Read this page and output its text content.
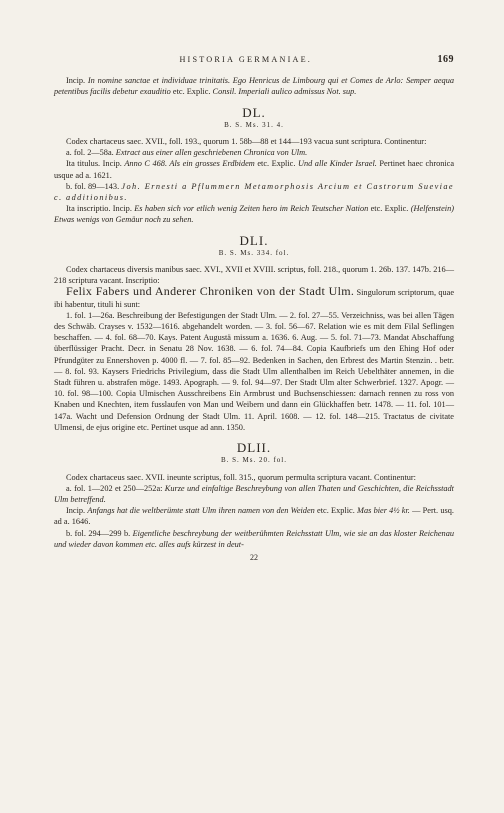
HISTORIA GERMANIAE.	169

Incip. In nomine sanctae et individuae trinitatis. Ego Henricus de Limbourg qui et Comes de Arlo: Semper aequa petentibus facilis debetur exauditio etc. Explic. Consil. Imperiali aulico admissus Not. sup.

DL.
B. S. Ms. 31. 4.

Codex chartaceus saec. XVII., foll. 193., quorum 1. 58b—88 et 144—193 vacua sunt scriptura. Continentur:

a. fol. 2—58a. Extract aus einer allen geschriebenen Chronica von Ulm.

Ita titulus. Incip. Anno C 468. Als ein grosses Erdbidem etc. Explic. Und alle Kinder Israel. Pertinet haec chronica usque ad a. 1621.

b. fol. 89—143. Joh. Ernesti a Pflummern Metamorphosis Arcium et Castrorum Sueviae c. additionibus.

Ita inscriptio. Incip. Es haben sich vor etlich wenig Zeiten hero im Reich Teutscher Nation etc. Explic. (Helfenstein) Etwas wenigs von Gemäur noch zu sehen.

DLI.
B. S. Ms. 334. fol.

Codex chartaceus diversis manibus saec. XVI., XVII et XVIII. scriptus, foll. 218., quorum 1. 26b. 137. 147b. 216—218 scriptura vacant. Inscriptio:

Felix Fabers und Anderer Chroniken von der Stadt Ulm. Singulorum scriptorum, quae ibi habentur, tituli hi sunt:

1. fol. 1—26a. Beschreibung der Befestigungen der Stadt Ulm. — 2. fol. 27—55. Verzeichniss, was bei allen Tägen des Schwäb. Crayses v. 1532—1616. abgehandelt worden. — 3. fol. 56—67. Relation wie es mit dem Filal Seflingen beschaffen. — 4. fol. 68—70. Kays. Patent Augustä missum a. 1636. 6. Aug. — 5. fol. 71—73. Mandat Abschaffung überflüssiger Pracht. Decr. in Senatu 28 Nov. 1638. — 6. fol. 74—84. Copia Kaufbriefs um den Ehing Hof oder Pfrundgüter zu Ennershoven p. 4000 fl. — 7. fol. 85—92. Bedenken in Sachen, den Erbrest des Martin Stenzin. . betr. — 8. fol. 93. Kaysers Friedrichs Privilegium, dass die Stadt Ulm allenthalben im Reich Uebelthäter annemen, in die Stadt führen u. abstrafen möge. 1493. Apograph. — 9. fol. 94—97. Der Stadt Ulm alter Schwerbrief. 1327. Apogr. — 10. fol. 98—100. Copia Ulmischen Ausschreibens Ein Armbrust und Buchsenschiessen: darnach rennen zu ross von Knaben und Knechten, item fusslaufen von Man und Weibern und dann ein Glückhaffen betr. 1478. — 11. fol. 101—147a. Wacht und Defension Ordnung der Stadt Ulm. 11. April. 1608. — 12. fol. 148—215. Tractatus de civitate Ulmensi, de ejus origine etc. Pertinet usque ad ann. 1350.

DLII.
B. S. Ms. 20. fol.

Codex chartaceus saec. XVII. ineunte scriptus, foll. 315., quorum permulta scriptura vacant. Continentur:

a. fol. 1—202 et 250—252a: Kurze und einfaltige Beschreybung von allen Thaten und Geschichten, die Reichsstadt Ulm betreffend.

Incip. Anfangs hat die weltberümte statt Ulm ihren namen von den Weiden etc. Explic. Mas bier 4½ kr. — Pert. usq. ad a. 1646.

b. fol. 294—299 b. Eigentliche beschreybung der weitberühmten Reichsstatt Ulm, wie sie an das kloster Reichenau und wieder davon kommen etc. alles aufs kürzest in deut-

22
